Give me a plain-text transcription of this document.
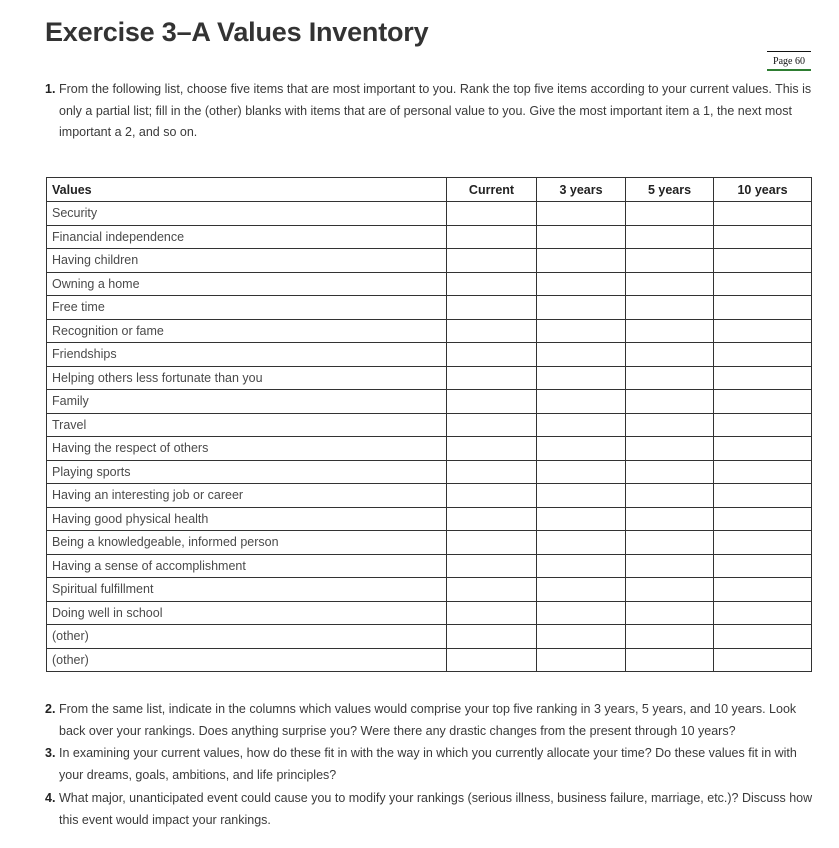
Exercise 3–A Values Inventory
Page 60
1. From the following list, choose five items that are most important to you. Rank the top five items according to your current values. This is only a partial list; fill in the (other) blanks with items that are of personal value to you. Give the most important item a 1, the next most important a 2, and so on.
Values	Current	3 years	5 years	10 years
Security				
Financial independence				
Having children				
Owning a home				
Free time				
Recognition or fame				
Friendships				
Helping others less fortunate than you				
Family				
Travel				
Having the respect of others				
Playing sports				
Having an interesting job or career				
Having good physical health				
Being a knowledgeable, informed person				
Having a sense of accomplishment				
Spiritual fulfillment				
Doing well in school				
(other)				
(other)				
2. From the same list, indicate in the columns which values would comprise your top five ranking in 3 years, 5 years, and 10 years. Look back over your rankings. Does anything surprise you? Were there any drastic changes from the present through 10 years?
3. In examining your current values, how do these fit in with the way in which you currently allocate your time? Do these values fit in with your dreams, goals, ambitions, and life principles?
4. What major, unanticipated event could cause you to modify your rankings (serious illness, business failure, marriage, etc.)? Discuss how this event would impact your rankings.
